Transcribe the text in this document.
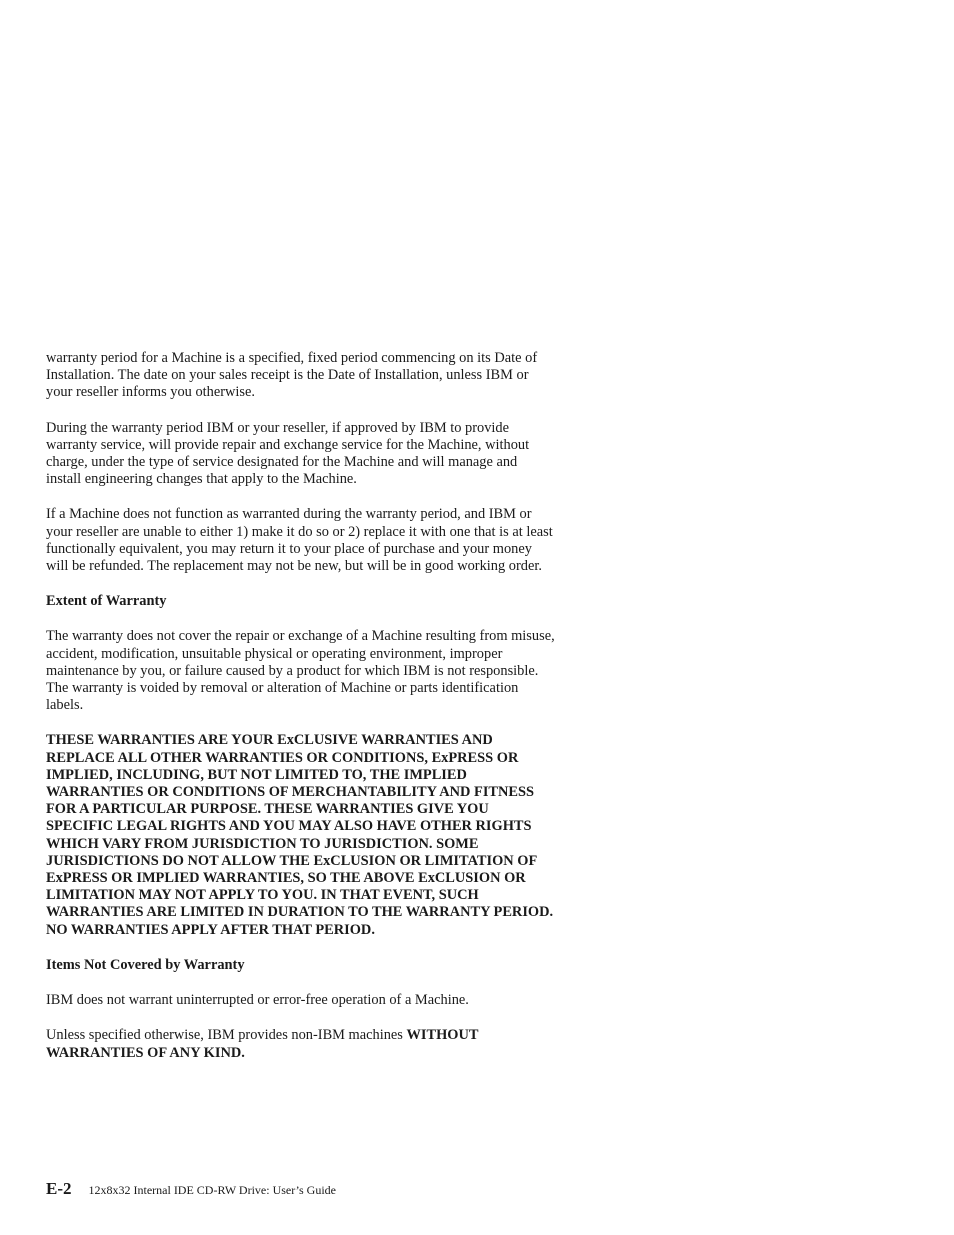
warranty period for a Machine is a specified, fixed period commencing on its Date of Installation. The date on your sales receipt is the Date of Installation, unless IBM or your reseller informs you otherwise.

During the warranty period IBM or your reseller, if approved by IBM to provide warranty service, will provide repair and exchange service for the Machine, without charge, under the type of service designated for the Machine and will manage and install engineering changes that apply to the Machine.

If a Machine does not function as warranted during the warranty period, and IBM or your reseller are unable to either 1) make it do so or 2) replace it with one that is at least functionally equivalent, you may return it to your place of purchase and your money will be refunded. The replacement may not be new, but will be in good working order.

Extent of Warranty

The warranty does not cover the repair or exchange of a Machine resulting from misuse, accident, modification, unsuitable physical or operating environment, improper maintenance by you, or failure caused by a product for which IBM is not responsible. The warranty is voided by removal or alteration of Machine or parts identification labels.

THESE WARRANTIES ARE YOUR ExCLUSIVE WARRANTIES AND REPLACE ALL OTHER WARRANTIES OR CONDITIONS, ExPRESS OR IMPLIED, INCLUDING, BUT NOT LIMITED TO, THE IMPLIED WARRANTIES OR CONDITIONS OF MERCHANTABILITY AND FITNESS FOR A PARTICULAR PURPOSE. THESE WARRANTIES GIVE YOU SPECIFIC LEGAL RIGHTS AND YOU MAY ALSO HAVE OTHER RIGHTS WHICH VARY FROM JURISDICTION TO JURISDICTION. SOME JURISDICTIONS DO NOT ALLOW THE ExCLUSION OR LIMITATION OF ExPRESS OR IMPLIED WARRANTIES, SO THE ABOVE ExCLUSION OR LIMITATION MAY NOT APPLY TO YOU. IN THAT EVENT, SUCH WARRANTIES ARE LIMITED IN DURATION TO THE WARRANTY PERIOD. NO WARRANTIES APPLY AFTER THAT PERIOD.

Items Not Covered by Warranty

IBM does not warrant uninterrupted or error-free operation of a Machine.

Unless specified otherwise, IBM provides non-IBM machines WITHOUT WARRANTIES OF ANY KIND.

E-2 12x8x32 Internal IDE CD-RW Drive: User’s Guide
